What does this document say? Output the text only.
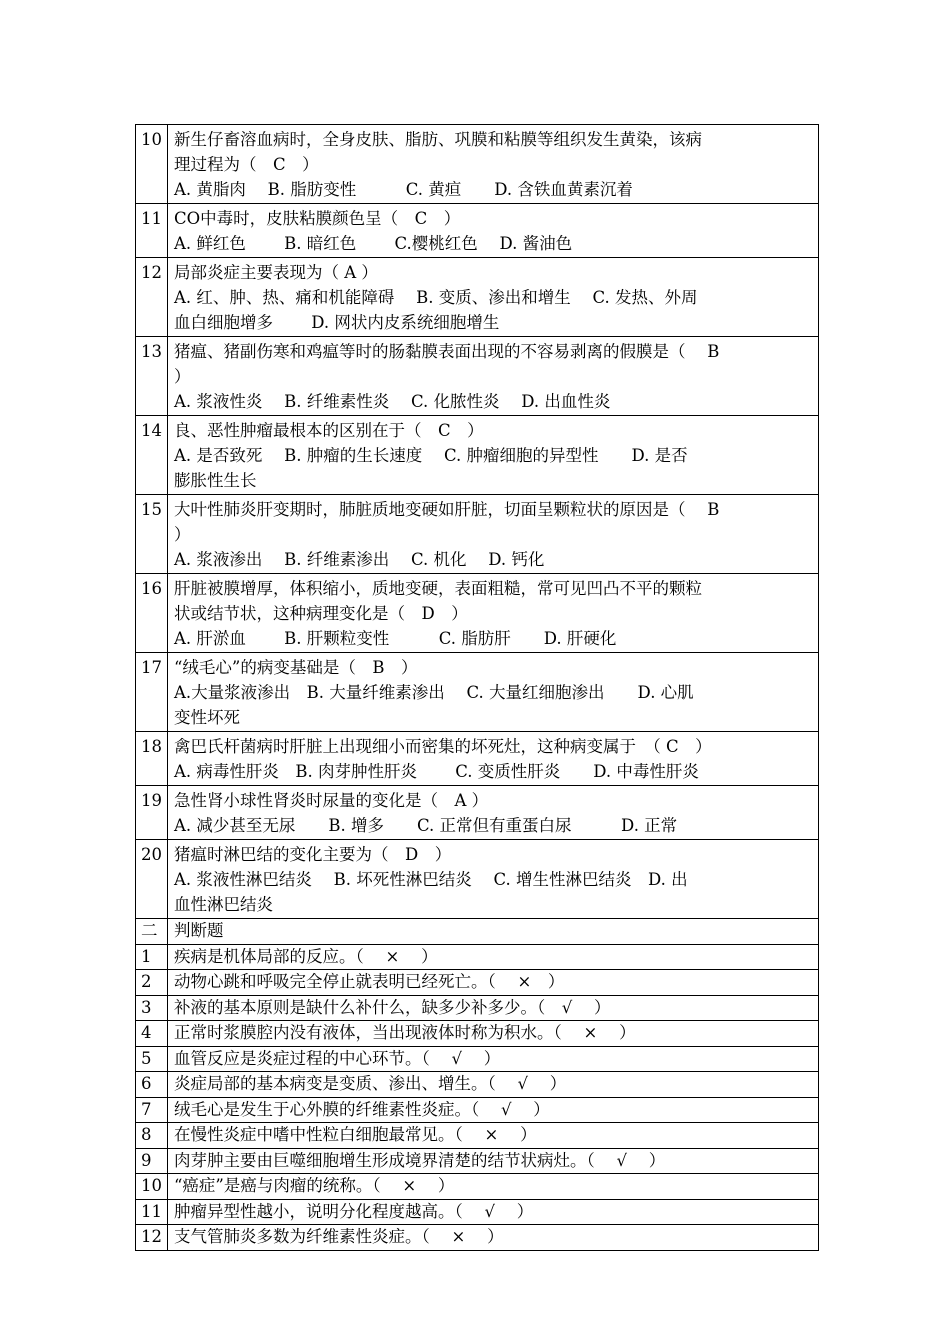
10	新生仔畜溶血病时，全身皮肤、脂肪、巩膜和粘膜等组织发生黄染，该病
理过程为（　C　）
A. 黄脂肉　 B. 脂肪变性　　　C. 黄疸　　D. 含铁血黄素沉着

11	CO中毒时，皮肤粘膜颜色呈（　C　）
A. 鲜红色　　 B. 暗红色　　 C.樱桃红色　 D. 酱油色

12	局部炎症主要表现为（ A ）
A. 红、肿、热、痛和机能障碍　 B. 变质、渗出和增生　 C. 发热、外周
血白细胞增多　　 D. 网状内皮系统细胞增生

13	猪瘟、猪副伤寒和鸡瘟等时的肠黏膜表面出现的不容易剥离的假膜是（　 B
）
A. 浆液性炎　 B. 纤维素性炎　 C. 化脓性炎　 D. 出血性炎

14	良、恶性肿瘤最根本的区别在于（　C　）
A. 是否致死　 B. 肿瘤的生长速度　 C. 肿瘤细胞的异型性　　D. 是否
膨胀性生长

15	大叶性肺炎肝变期时，肺脏质地变硬如肝脏，切面呈颗粒状的原因是（　 B
）
A. 浆液渗出　 B. 纤维素渗出　 C. 机化　 D. 钙化

16	肝脏被膜增厚，体积缩小，质地变硬，表面粗糙，常可见凹凸不平的颗粒
状或结节状，这种病理变化是（　D　）
A. 肝淤血　　 B. 肝颗粒变性　　　C. 脂肪肝　　D. 肝硬化

17	“绒毛心”的病变基础是（　B　）
A.大量浆液渗出　B. 大量纤维素渗出　 C. 大量红细胞渗出　　D. 心肌
变性坏死

18	禽巴氏杆菌病时肝脏上出现细小而密集的坏死灶，这种病变属于　（ C　）
A. 病毒性肝炎　B. 肉芽肿性肝炎　　 C. 变质性肝炎　　D. 中毒性肝炎

19	急性肾小球性肾炎时尿量的变化是（　A ）
A. 减少甚至无尿　　B. 增多　　C. 正常但有重蛋白尿　　　D. 正常

20	猪瘟时淋巴结的变化主要为（　D　）
A. 浆液性淋巴结炎　 B. 坏死性淋巴结炎　 C. 增生性淋巴结炎　D. 出
血性淋巴结炎

二	判断题
1	疾病是机体局部的反应。（　 ×　 ）
2	动物心跳和呼吸完全停止就表明已经死亡。（　 ×　）
3	补液的基本原则是缺什么补什么，缺多少补多少。（　√　 ）
4	正常时浆膜腔内没有液体，当出现液体时称为积水。（　 ×　 ）
5	血管反应是炎症过程的中心环节。（　 √　 ）
6	炎症局部的基本病变是变质、渗出、增生。（　 √　 ）
7	绒毛心是发生于心外膜的纤维素性炎症。（　 √　 ）
8	在慢性炎症中嗜中性粒白细胞最常见。（　 ×　 ）
9	肉芽肿主要由巨噬细胞增生形成境界清楚的结节状病灶。（　 √　 ）
10	“癌症”是癌与肉瘤的统称。（　 ×　 ）
11	肿瘤异型性越小，说明分化程度越高。（　 √　 ）
12	支气管肺炎多数为纤维素性炎症。（　 ×　 ）
